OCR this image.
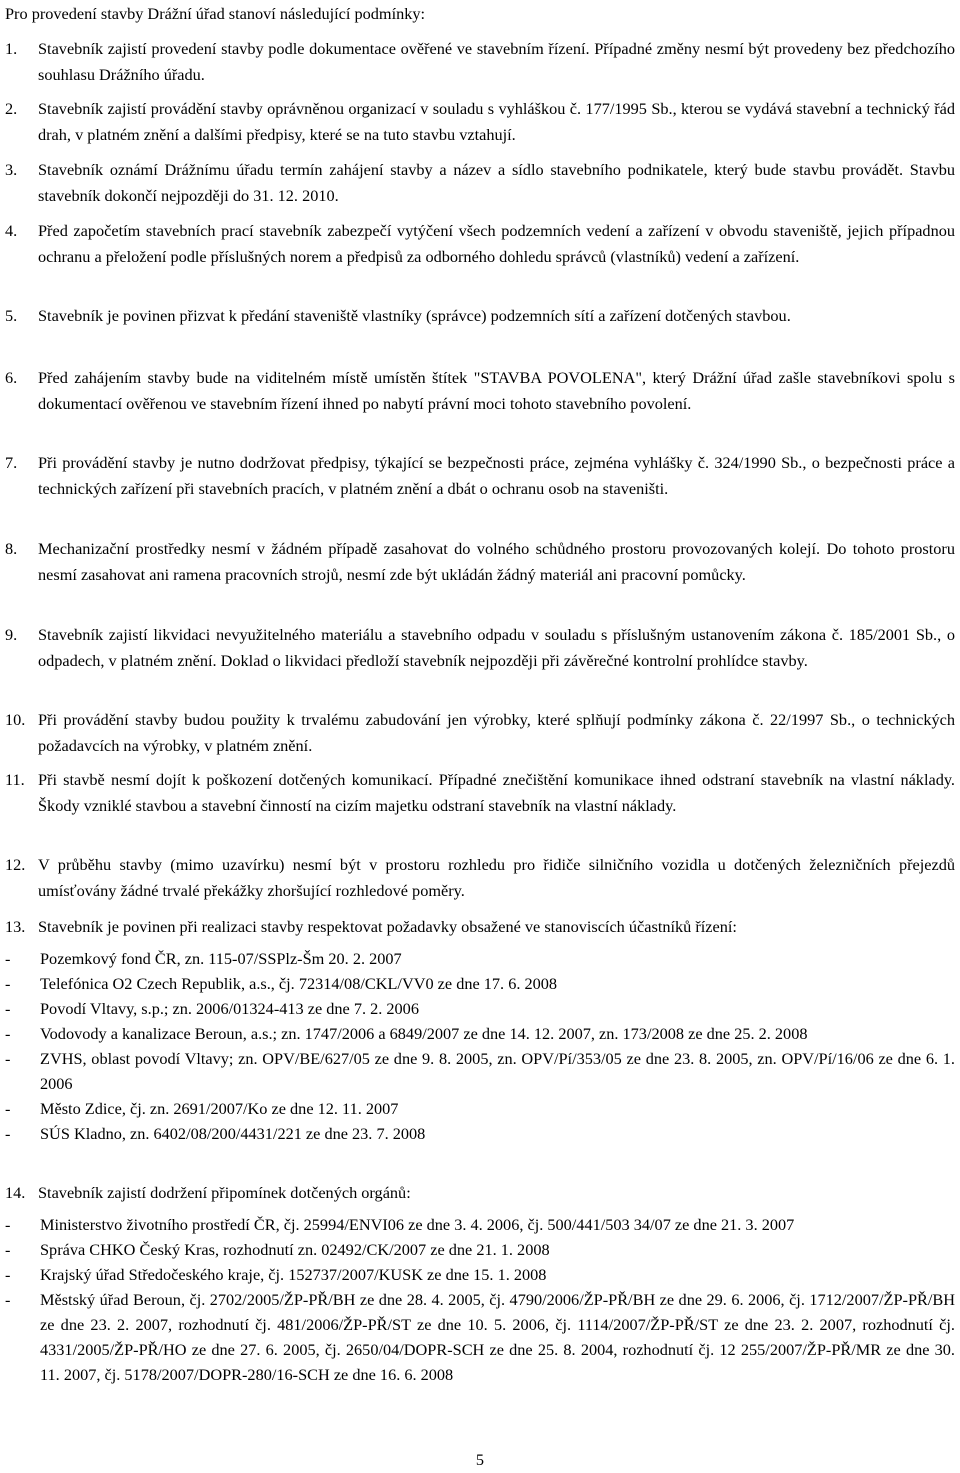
Pro provedení stavby Drážní úřad stanoví následující podmínky:
1.	Stavebník zajistí provedení stavby podle dokumentace ověřené ve stavebním řízení. Případné změny nesmí být provedeny bez předchozího souhlasu Drážního úřadu.
2.	Stavebník zajistí provádění stavby oprávněnou organizací v souladu s vyhláškou č. 177/1995 Sb., kterou se vydává stavební a technický řád drah, v platném znění a dalšími předpisy, které se na tuto stavbu vztahují.
3.	Stavebník oznámí Drážnímu úřadu termín zahájení stavby a název a sídlo stavebního podnikatele, který bude stavbu provádět. Stavbu stavebník dokončí nejpozději do 31. 12. 2010.
4.	Před započetím stavebních prací stavebník zabezpečí vytýčení všech podzemních vedení a zařízení v obvodu staveniště, jejich případnou ochranu a přeložení podle příslušných norem a předpisů za odborného dohledu správců (vlastníků) vedení a zařízení.
5.	Stavebník je povinen přizvat k předání staveniště vlastníky (správce) podzemních sítí a zařízení dotčených stavbou.
6.	Před zahájením stavby bude na viditelném místě umístěn štítek "STAVBA POVOLENA", který Drážní úřad zašle stavebníkovi spolu s dokumentací ověřenou ve stavebním řízení ihned po nabytí právní moci tohoto stavebního povolení.
7.	Při provádění stavby je nutno dodržovat předpisy, týkající se bezpečnosti práce, zejména vyhlášky č. 324/1990 Sb., o bezpečnosti práce a technických zařízení při stavebních pracích, v platném znění a dbát o ochranu osob na staveništi.
8.	Mechanizační prostředky nesmí v žádném případě zasahovat do volného schůdného prostoru provozovaných kolejí. Do tohoto prostoru nesmí zasahovat ani ramena pracovních strojů, nesmí zde být ukládán žádný materiál ani pracovní pomůcky.
9.	Stavebník zajistí likvidaci nevyužitelného materiálu a stavebního odpadu v souladu s příslušným ustanovením zákona č. 185/2001 Sb., o odpadech, v platném znění. Doklad o likvidaci předloží stavebník nejpozději při závěrečné kontrolní prohlídce stavby.
10. Při provádění stavby budou použity k trvalému zabudování jen výrobky, které splňují podmínky zákona č. 22/1997 Sb., o technických požadavcích na výrobky, v platném znění.
11. Při stavbě nesmí dojít k poškození dotčených komunikací. Případné znečištění komunikace ihned odstraní stavebník na vlastní náklady. Škody vzniklé stavbou a stavební činností na cizím majetku odstraní stavebník na vlastní náklady.
12. V průběhu stavby (mimo uzavírku) nesmí být v prostoru rozhledu pro řidiče silničního vozidla u dotčených železničních přejezdů umísťovány žádné trvalé překážky zhoršující rozhledové poměry.
13. Stavebník je povinen při realizaci stavby respektovat požadavky obsažené ve stanoviscích účastníků řízení:
- Pozemkový fond ČR, zn. 115-07/SSPlz-Šm 20. 2. 2007
- Telefónica O2 Czech Republik, a.s., čj. 72314/08/CKL/VV0 ze dne 17. 6. 2008
- Povodí Vltavy, s.p.; zn. 2006/01324-413 ze dne 7. 2. 2006
- Vodovody a kanalizace Beroun, a.s.; zn. 1747/2006 a 6849/2007 ze dne 14. 12. 2007, zn. 173/2008 ze dne 25. 2. 2008
- ZVHS, oblast povodí Vltavy; zn. OPV/BE/627/05 ze dne 9. 8. 2005, zn. OPV/Pí/353/05 ze dne 23. 8. 2005, zn. OPV/Pí/16/06 ze dne 6. 1. 2006
- Město Zdice, čj. zn. 2691/2007/Ko ze dne 12. 11. 2007
- SÚS Kladno, zn. 6402/08/200/4431/221 ze dne 23. 7. 2008
14. Stavebník zajistí dodržení připomínek dotčených orgánů:
- Ministerstvo životního prostředí ČR, čj. 25994/ENVI06 ze dne 3. 4. 2006, čj. 500/441/503 34/07 ze dne 21. 3. 2007
- Správa CHKO Český Kras, rozhodnutí zn. 02492/CK/2007 ze dne 21. 1. 2008
- Krajský úřad Středočeského kraje, čj. 152737/2007/KUSK ze dne 15. 1. 2008
- Městský úřad Beroun, čj. 2702/2005/ŽP-PŘ/BH ze dne 28. 4. 2005, čj. 4790/2006/ŽP-PŘ/BH ze dne 29. 6. 2006, čj. 1712/2007/ŽP-PŘ/BH ze dne 23. 2. 2007, rozhodnutí čj. 481/2006/ŽP-PŘ/ST ze dne 10. 5. 2006, čj. 1114/2007/ŽP-PŘ/ST ze dne 23. 2. 2007, rozhodnutí čj. 4331/2005/ŽP-PŘ/HO ze dne 27. 6. 2005, čj. 2650/04/DOPR-SCH ze dne 25. 8. 2004, rozhodnutí čj. 12 255/2007/ŽP-PŘ/MR ze dne 30. 11. 2007, čj. 5178/2007/DOPR-280/16-SCH ze dne 16. 6. 2008
5
